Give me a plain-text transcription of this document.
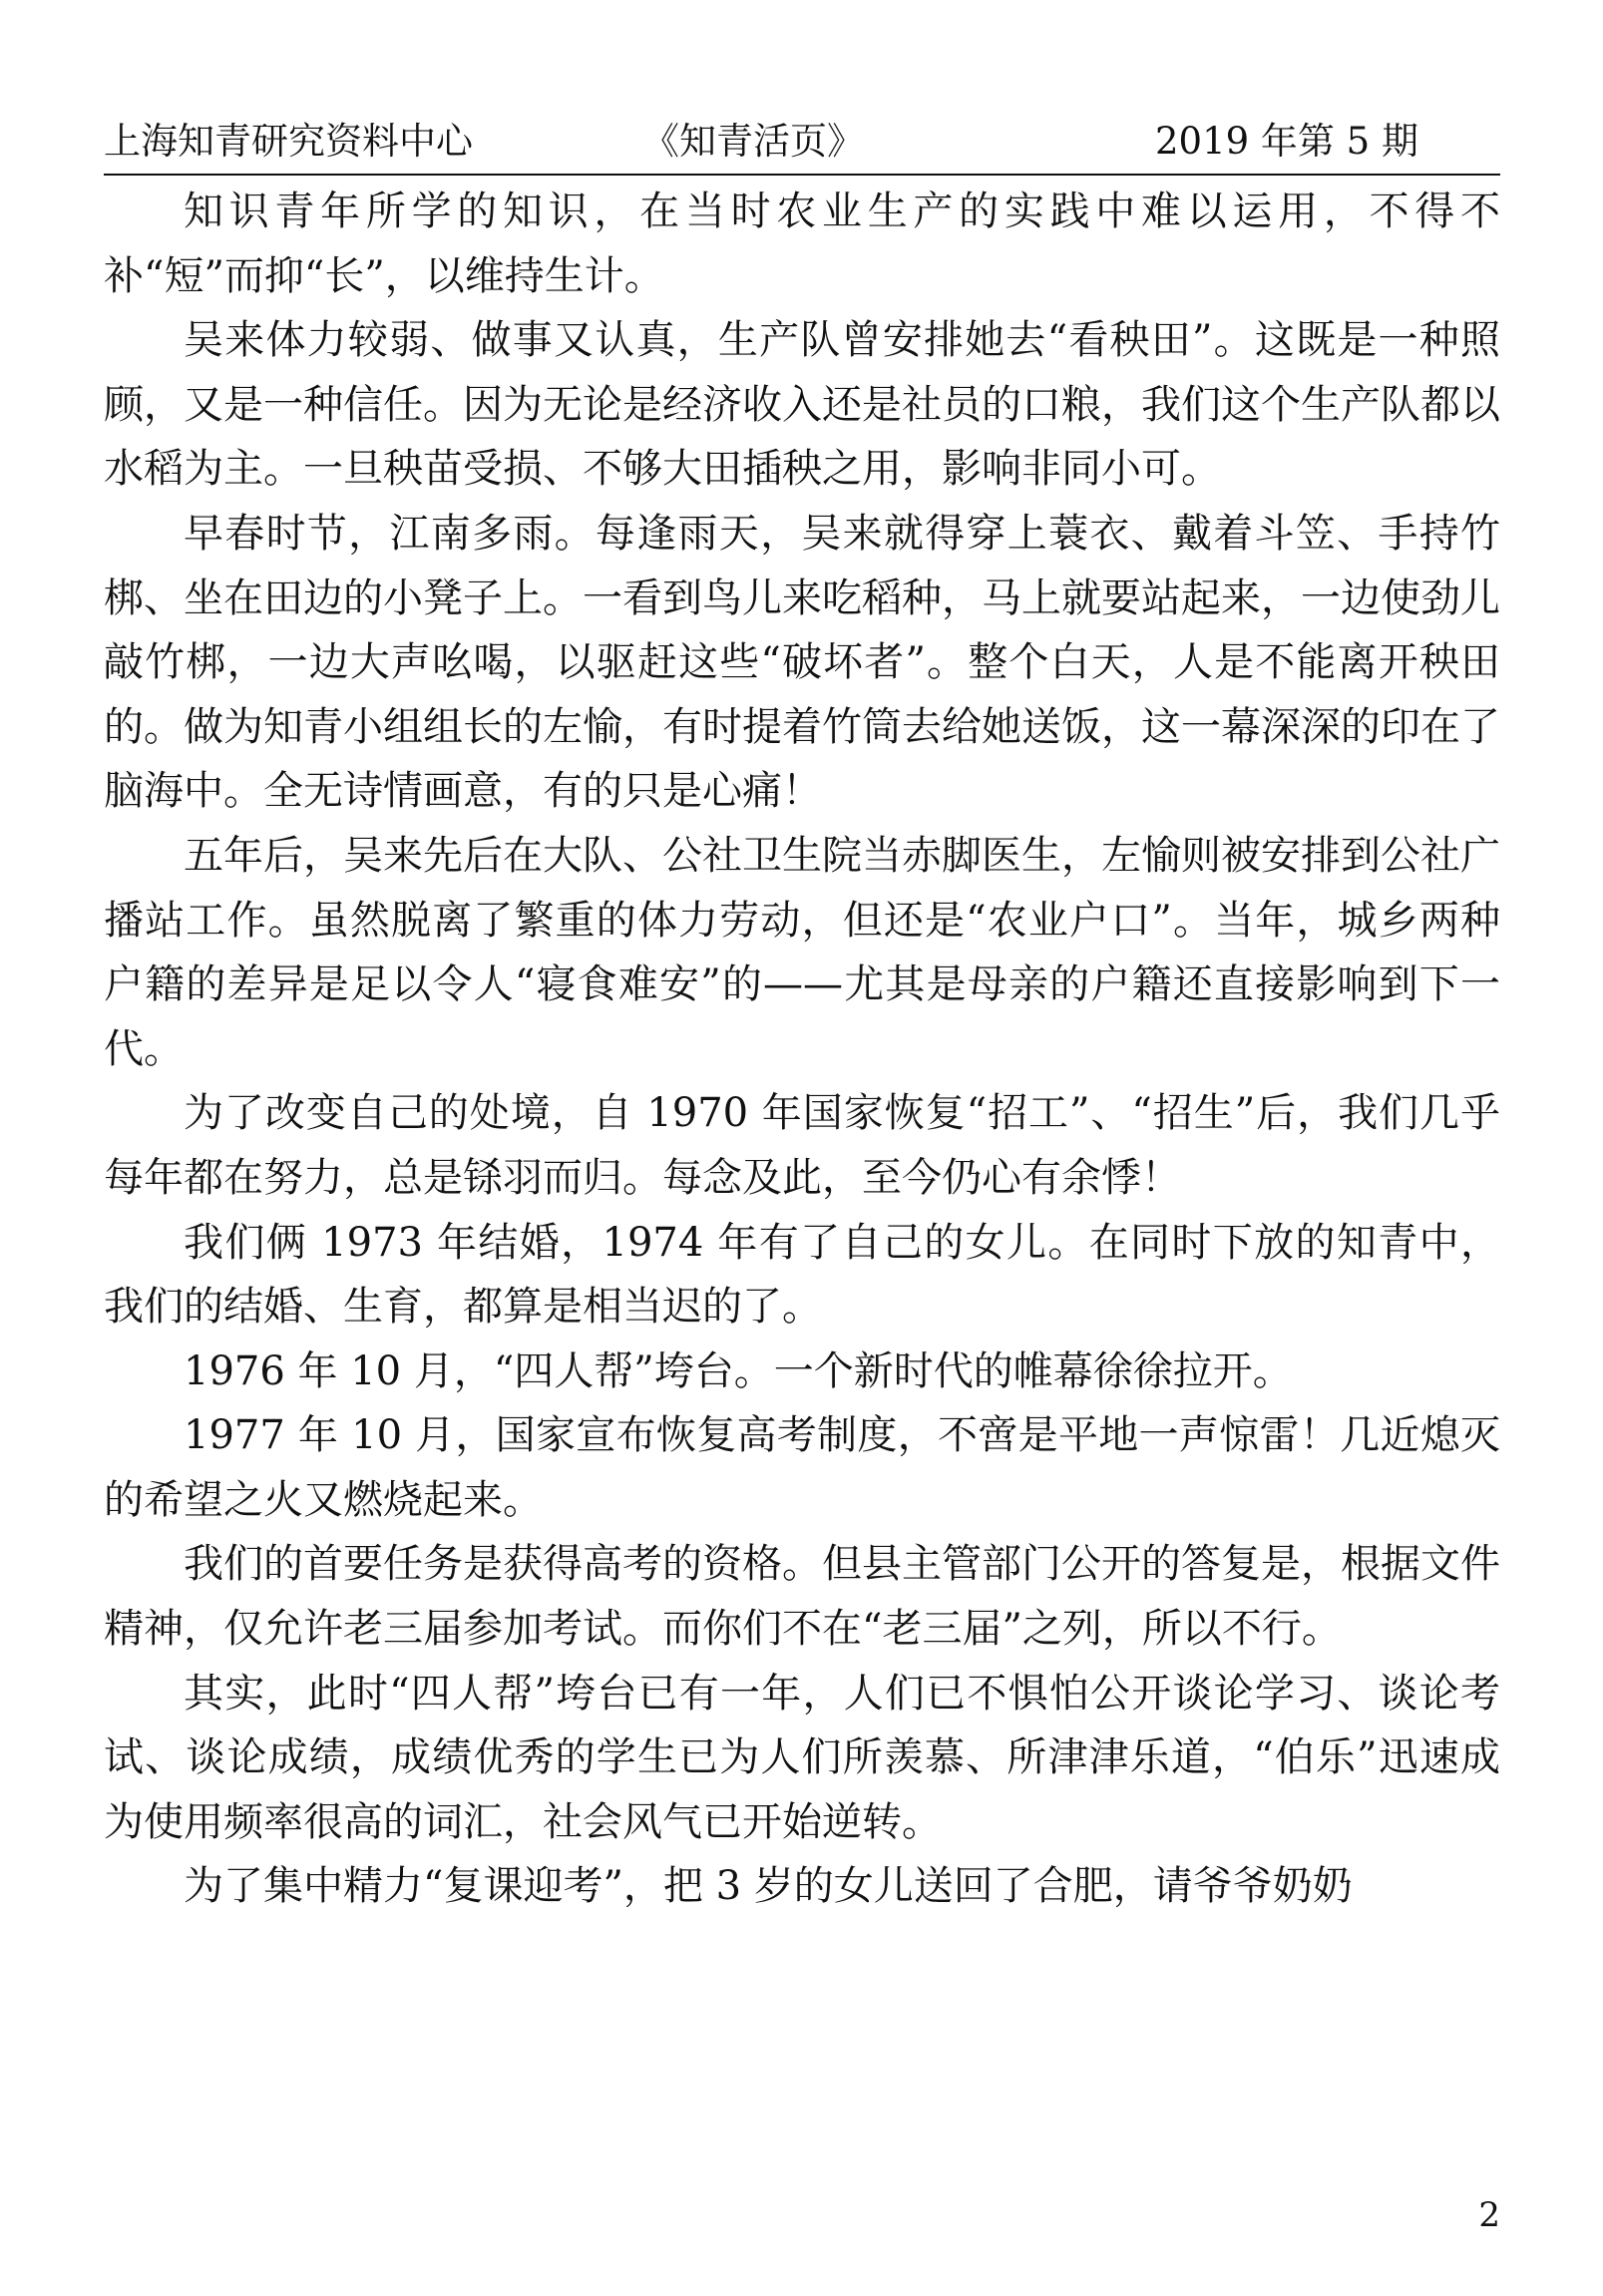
上海知青研究资料中心	《知青活页》	2019 年第 5 期

知识青年所学的知识，在当时农业生产的实践中难以运用，不得不补“短”而抑“长”，以维持生计。

吴来体力较弱、做事又认真，生产队曾安排她去“看秧田”。这既是一种照顾，又是一种信任。因为无论是经济收入还是社员的口粮，我们这个生产队都以水稻为主。一旦秧苗受损、不够大田插秧之用，影响非同小可。

早春时节，江南多雨。每逢雨天，吴来就得穿上蓑衣、戴着斗笠、手持竹梆、坐在田边的小凳子上。一看到鸟儿来吃稻种，马上就要站起来，一边使劲儿敲竹梆，一边大声吆喝，以驱赶这些“破坏者”。整个白天，人是不能离开秧田的。做为知青小组组长的左愉，有时提着竹筒去给她送饭，这一幕深深的印在了脑海中。全无诗情画意，有的只是心痛！

五年后，吴来先后在大队、公社卫生院当赤脚医生，左愉则被安排到公社广播站工作。虽然脱离了繁重的体力劳动，但还是“农业户口”。当年，城乡两种户籍的差异是足以令人“寝食难安”的——尤其是母亲的户籍还直接影响到下一代。

为了改变自己的处境，自 1970 年国家恢复“招工”、“招生”后，我们几乎每年都在努力，总是铩羽而归。每念及此，至今仍心有余悸！

我们俩 1973 年结婚，1974 年有了自己的女儿。在同时下放的知青中，我们的结婚、生育，都算是相当迟的了。

1976 年 10 月，“四人帮”垮台。一个新时代的帷幕徐徐拉开。

1977 年 10 月，国家宣布恢复高考制度，不啻是平地一声惊雷！几近熄灭的希望之火又燃烧起来。

我们的首要任务是获得高考的资格。但县主管部门公开的答复是，根据文件精神，仅允许老三届参加考试。而你们不在“老三届”之列，所以不行。

其实，此时“四人帮”垮台已有一年，人们已不惧怕公开谈论学习、谈论考试、谈论成绩，成绩优秀的学生已为人们所羡慕、所津津乐道，“伯乐”迅速成为使用频率很高的词汇，社会风气已开始逆转。

为了集中精力“复课迎考”，把 3 岁的女儿送回了合肥，请爷爷奶奶

2
